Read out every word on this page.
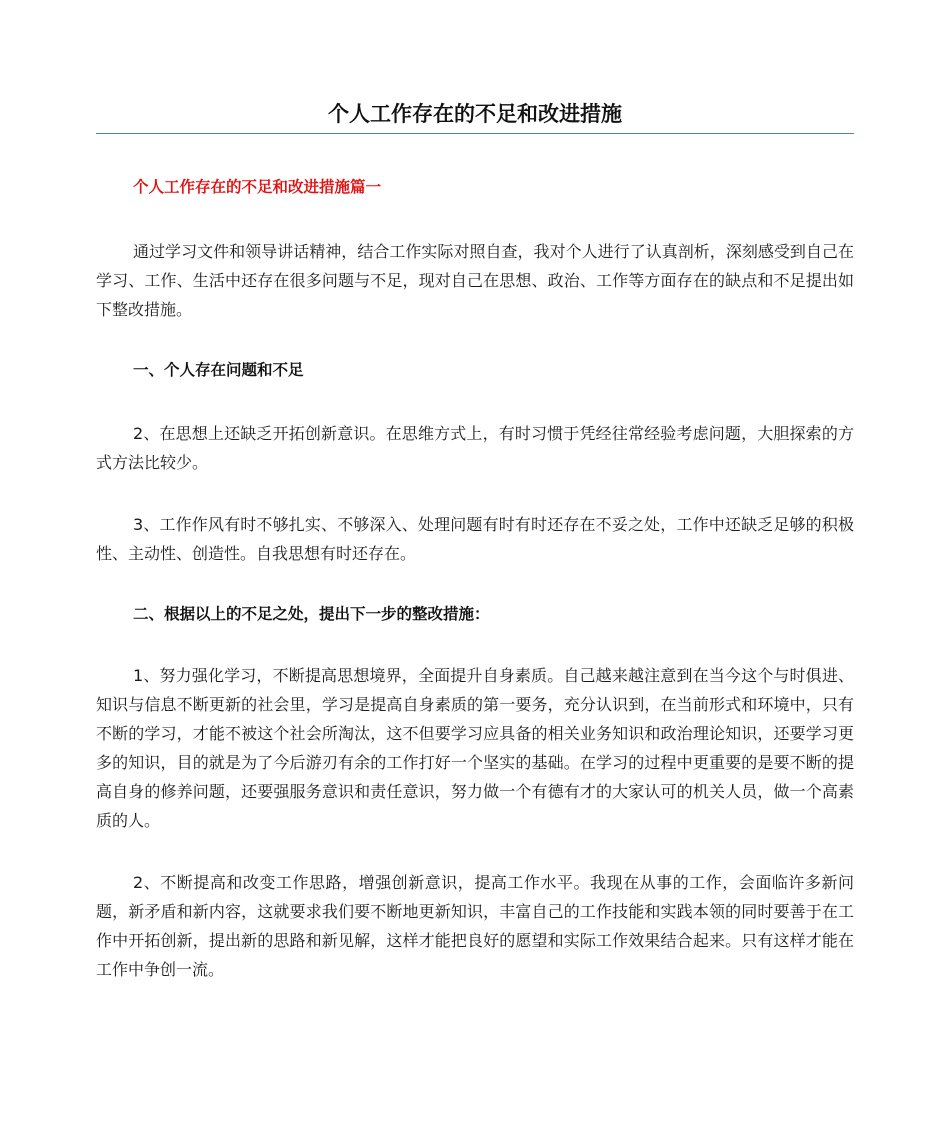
个人工作存在的不足和改进措施
个人工作存在的不足和改进措施篇一

通过学习文件和领导讲话精神，结合工作实际对照自查，我对个人进行了认真剖析，深刻感受到自己在学习、工作、生活中还存在很多问题与不足，现对自己在思想、政治、工作等方面存在的缺点和不足提出如下整改措施。

一、个人存在问题和不足

2、在思想上还缺乏开拓创新意识。在思维方式上，有时习惯于凭经往常经验考虑问题，大胆探索的方式方法比较少。

3、工作作风有时不够扎实、不够深入、处理问题有时有时还存在不妥之处，工作中还缺乏足够的积极性、主动性、创造性。自我思想有时还存在。

二、根据以上的不足之处，提出下一步的整改措施：

1、努力强化学习，不断提高思想境界，全面提升自身素质。自己越来越注意到在当今这个与时俱进、知识与信息不断更新的社会里，学习是提高自身素质的第一要务，充分认识到，在当前形式和环境中，只有不断的学习，才能不被这个社会所淘汰，这不但要学习应具备的相关业务知识和政治理论知识，还要学习更多的知识，目的就是为了今后游刃有余的工作打好一个坚实的基础。在学习的过程中更重要的是要不断的提高自身的修养问题，还要强服务意识和责任意识，努力做一个有德有才的大家认可的机关人员，做一个高素质的人。

2、不断提高和改变工作思路，增强创新意识，提高工作水平。我现在从事的工作，会面临许多新问题，新矛盾和新内容，这就要求我们要不断地更新知识，丰富自己的工作技能和实践本领的同时要善于在工作中开拓创新，提出新的思路和新见解，这样才能把良好的愿望和实际工作效果结合起来。只有这样才能在工作中争创一流。
